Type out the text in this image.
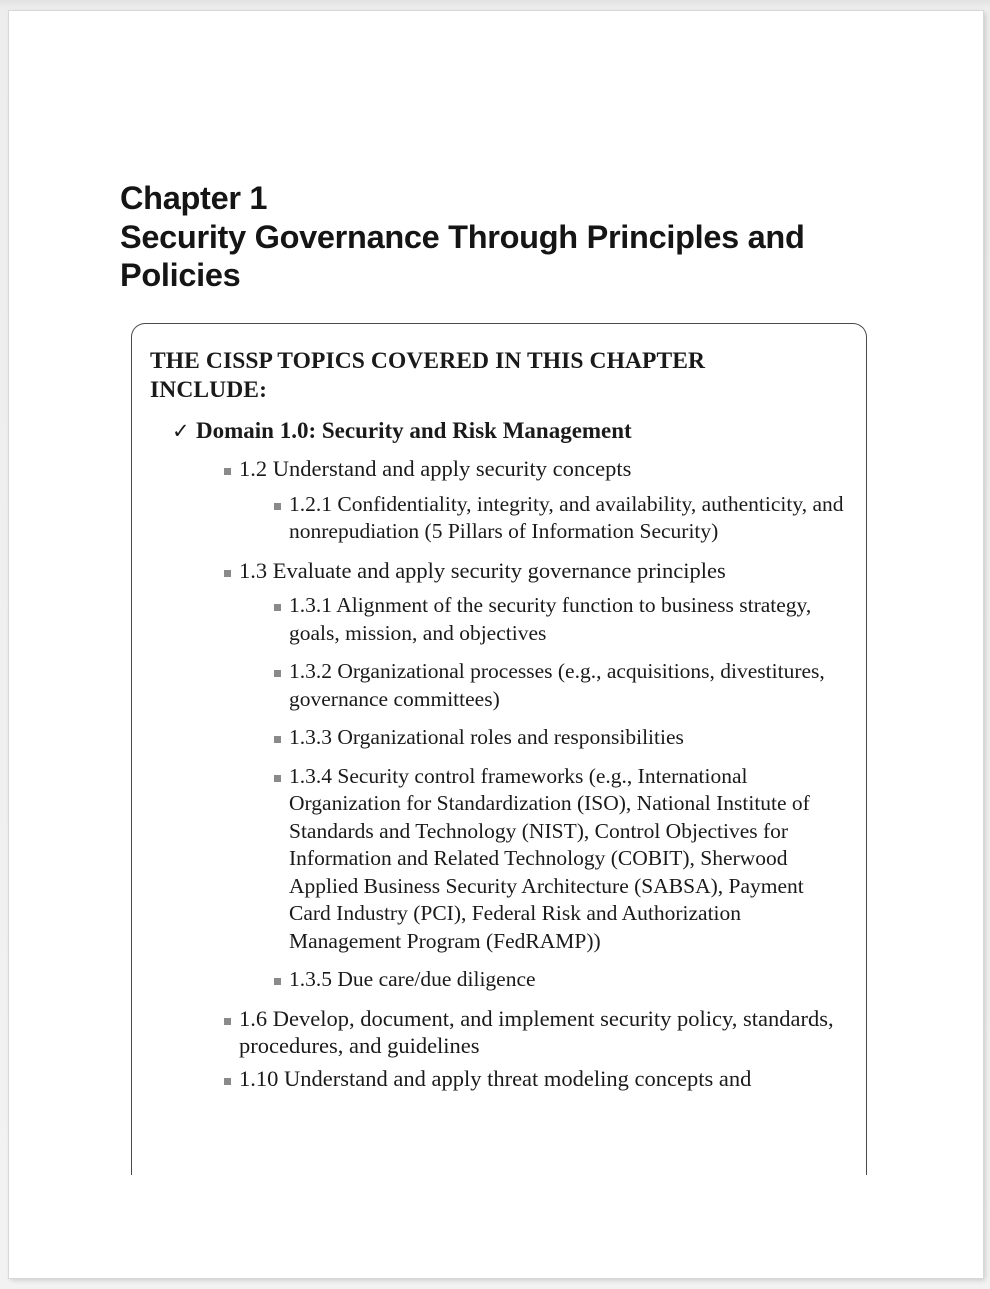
Chapter 1
Security Governance Through Principles and Policies

THE CISSP TOPICS COVERED IN THIS CHAPTER INCLUDE:

✓ Domain 1.0: Security and Risk Management
1.2 Understand and apply security concepts
1.2.1 Confidentiality, integrity, and availability, authenticity, and nonrepudiation (5 Pillars of Information Security)
1.3 Evaluate and apply security governance principles
1.3.1 Alignment of the security function to business strategy, goals, mission, and objectives
1.3.2 Organizational processes (e.g., acquisitions, divestitures, governance committees)
1.3.3 Organizational roles and responsibilities
1.3.4 Security control frameworks (e.g., International Organization for Standardization (ISO), National Institute of Standards and Technology (NIST), Control Objectives for Information and Related Technology (COBIT), Sherwood Applied Business Security Architecture (SABSA), Payment Card Industry (PCI), Federal Risk and Authorization Management Program (FedRAMP))
1.3.5 Due care/due diligence
1.6 Develop, document, and implement security policy, standards, procedures, and guidelines
1.10 Understand and apply threat modeling concepts and
